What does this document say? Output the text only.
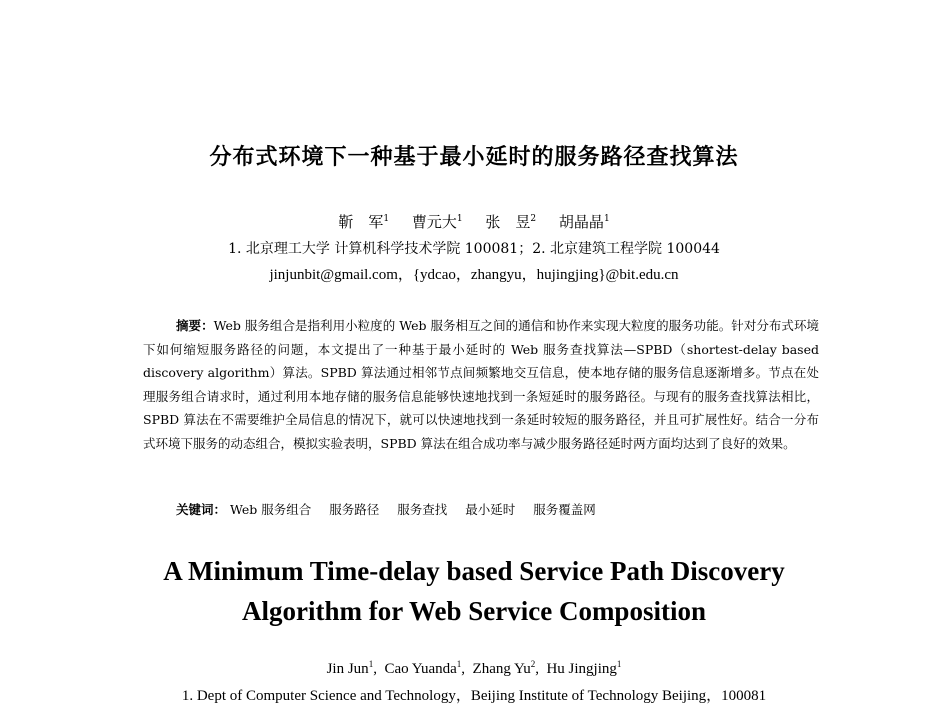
分布式环境下一种基于最小延时的服务路径查找算法
靳　军$^1$ 曹元大$^1$ 张　昱$^2$ 胡晶晶$^1$
1. 北京理工大学 计算机科学技术学院 100081；2. 北京建筑工程学院 100044
jinjunbit@gmail.com，{ydcao，zhangyu，hujingjing}@bit.edu.cn

摘要：Web 服务组合是指利用小粒度的 Web 服务相互之间的通信和协作来实现大粒度的服务功能。针对分布式环境下如何缩短服务路径的问题，本文提出了一种基于最小延时的 Web 服务查找算法—SPBD（shortest-delay based discovery algorithm）算法。SPBD 算法通过相邻节点间频繁地交互信息，使本地存储的服务信息逐渐增多。节点在处理服务组合请求时，通过利用本地存储的服务信息能够快速地找到一条短延时的服务路径。与现有的服务查找算法相比，SPBD 算法在不需要维护全局信息的情况下，就可以快速地找到一条延时较短的服务路径，并且可扩展性好。结合一分布式环境下服务的动态组合，模拟实验表明，SPBD 算法在组合成功率与减少服务路径延时两方面均达到了良好的效果。

关键词： Web 服务组合 服务路径 服务查找 最小延时 服务覆盖网
A Minimum Time-delay based Service Path Discovery
Algorithm for Web Service Composition
Jin Jun$^1$,  Cao Yuanda$^1$,  Zhang Yu$^2$,  Hu Jingjing$^1$
1. Dept of Computer Science and Technology，Beijing Institute of Technology Beijing，100081
